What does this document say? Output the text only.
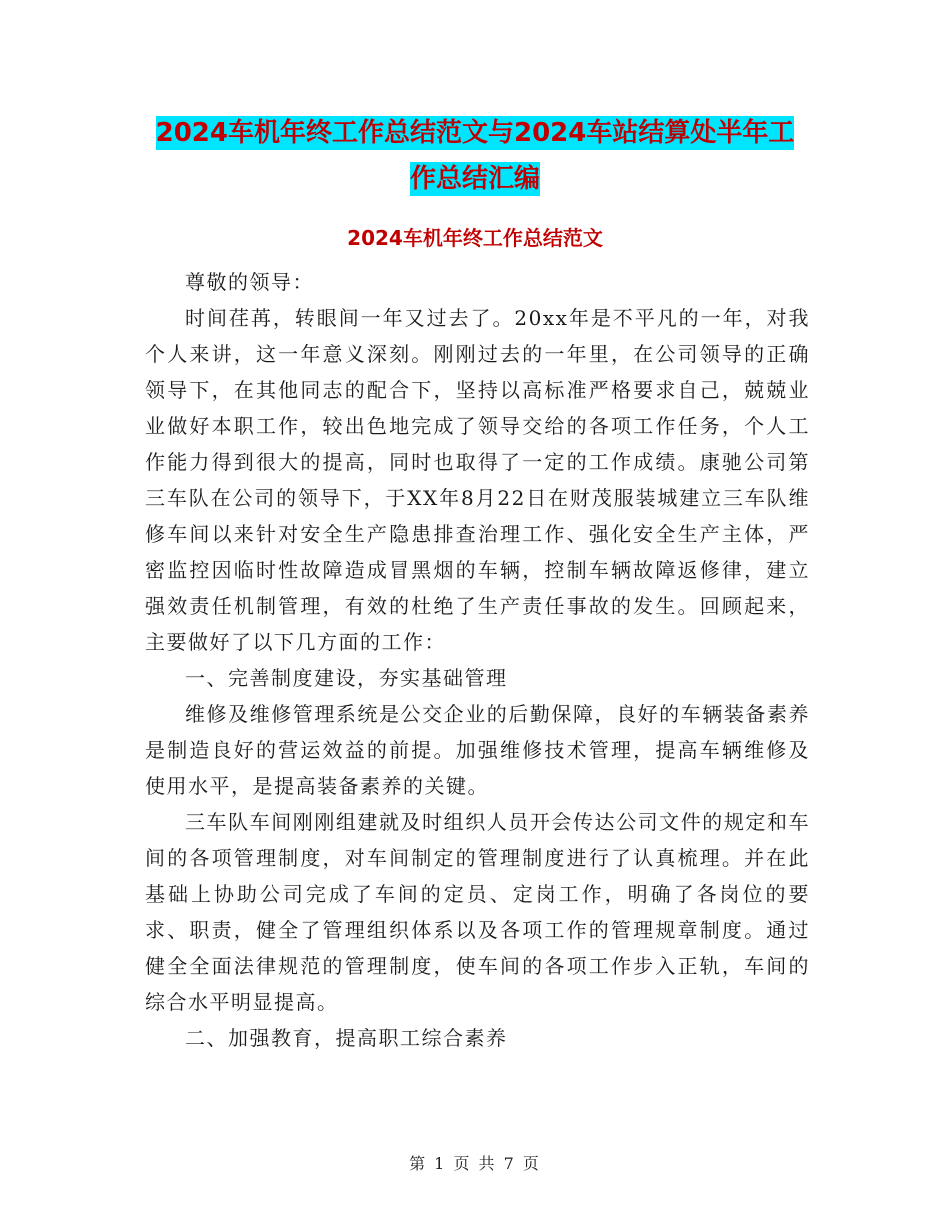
2024车机年终工作总结范文与2024车站结算处半年工
作总结汇编
2024车机年终工作总结范文

尊敬的领导：

时间荏苒，转眼间一年又过去了。20xx年是不平凡的一年，对我个人来讲，这一年意义深刻。刚刚过去的一年里，在公司领导的正确领导下，在其他同志的配合下，坚持以高标准严格要求自己，兢兢业业做好本职工作，较出色地完成了领导交给的各项工作任务，个人工作能力得到很大的提高，同时也取得了一定的工作成绩。康驰公司第三车队在公司的领导下，于XX年8月22日在财茂服装城建立三车队维修车间以来针对安全生产隐患排查治理工作、强化安全生产主体，严密监控因临时性故障造成冒黑烟的车辆，控制车辆故障返修律，建立强效责任机制管理，有效的杜绝了生产责任事故的发生。回顾起来，主要做好了以下几方面的工作：

一、完善制度建设，夯实基础管理

维修及维修管理系统是公交企业的后勤保障，良好的车辆装备素养是制造良好的营运效益的前提。加强维修技术管理，提高车辆维修及使用水平，是提高装备素养的关键。

三车队车间刚刚组建就及时组织人员开会传达公司文件的规定和车间的各项管理制度，对车间制定的管理制度进行了认真梳理。并在此基础上协助公司完成了车间的定员、定岗工作，明确了各岗位的要求、职责，健全了管理组织体系以及各项工作的管理规章制度。通过健全全面法律规范的管理制度，使车间的各项工作步入正轨，车间的综合水平明显提高。

二、加强教育，提高职工综合素养

第 1 页 共 7 页
